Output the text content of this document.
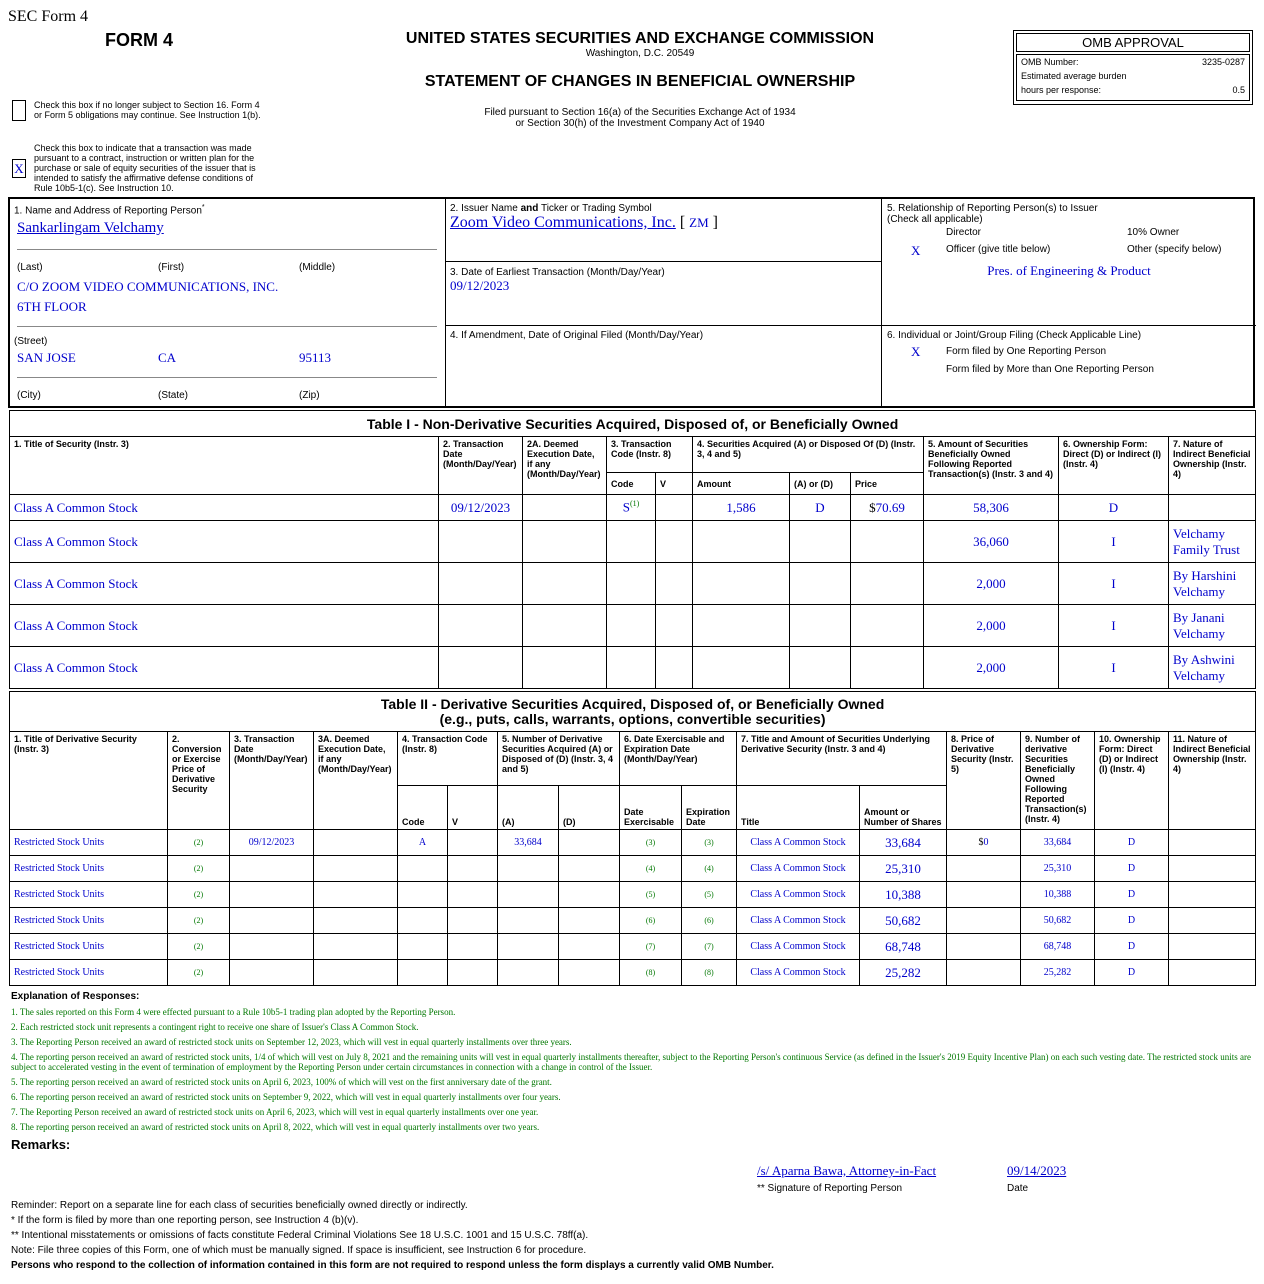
SEC Form 4
FORM 4	UNITED STATES SECURITIES AND EXCHANGE COMMISSION
Washington, D.C. 20549
STATEMENT OF CHANGES IN BENEFICIAL OWNERSHIP
Filed pursuant to Section 16(a) of the Securities Exchange Act of 1934
or Section 30(h) of the Investment Company Act of 1940
OMB APPROVAL
OMB Number:	3235-0287
Estimated average burden
hours per response:	0.5
Check this box if no longer subject to Section 16. Form 4 or Form 5 obligations may continue. See Instruction 1(b).
X
Check this box to indicate that a transaction was made pursuant to a contract, instruction or written plan for the purchase or sale of equity securities of the issuer that is intended to satisfy the affirmative defense conditions of Rule 10b5-1(c). See Instruction 10.
1. Name and Address of Reporting Person*
Sankarlingam Velchamy
(Last)	(First)	(Middle)
C/O ZOOM VIDEO COMMUNICATIONS, INC.
6TH FLOOR
(Street)
SAN JOSE	CA	95113
(City)	(State)	(Zip)
2. Issuer Name and Ticker or Trading Symbol
Zoom Video Communications, Inc. [ ZM ]
3. Date of Earliest Transaction (Month/Day/Year)
09/12/2023
4. If Amendment, Date of Original Filed (Month/Day/Year)
5. Relationship of Reporting Person(s) to Issuer
(Check all applicable)
Director	10% Owner
X	Officer (give title below)	Other (specify below)
Pres. of Engineering & Product
6. Individual or Joint/Group Filing (Check Applicable Line)
X	Form filed by One Reporting Person
Form filed by More than One Reporting Person
Table I - Non-Derivative Securities Acquired, Disposed of, or Beneficially Owned										
1. Title of Security (Instr. 3)	2. Transaction Date (Month/Day/Year)	2A. Deemed Execution Date, if any (Month/Day/Year)	3. Transaction Code (Instr. 8)		4. Securities Acquired (A) or Disposed Of (D) (Instr. 3, 4 and 5)			5. Amount of Securities Beneficially Owned Following Reported Transaction(s) (Instr. 3 and 4)	6. Ownership Form: Direct (D) or Indirect (I) (Instr. 4)	7. Nature of Indirect Beneficial Ownership (Instr. 4)
			Code	V	Amount	(A) or (D)	Price			
Class A Common Stock	09/12/2023		S$^{(1)}$		1,586	D	$70.69	58,306	D	
Class A Common Stock								36,060	I	Velchamy Family Trust
Class A Common Stock								2,000	I	By Harshini Velchamy
Class A Common Stock								2,000	I	By Janani Velchamy
Class A Common Stock								2,000	I	By Ashwini Velchamy
Table II - Derivative Securities Acquired, Disposed of, or Beneficially Owned
(e.g., puts, calls, warrants, options, convertible securities)															

1. Title of Derivative Security (Instr. 3)	2. Conversion or Exercise Price of Derivative Security	3. Transaction Date (Month/Day/Year)	3A. Deemed Execution Date, if any (Month/Day/Year)	4. Transaction Code (Instr. 8)		5. Number of Derivative Securities Acquired (A) or Disposed of (D) (Instr. 3, 4 and 5)		6. Date Exercisable and Expiration Date (Month/Day/Year)		7. Title and Amount of Securities Underlying Derivative Security (Instr. 3 and 4)		8. Price of Derivative Security (Instr. 5)	9. Number of derivative Securities Beneficially Owned Following Reported Transaction(s) (Instr. 4)	10. Ownership Form: Direct (D) or Indirect (I) (Instr. 4)	11. Nature of Indirect Beneficial Ownership (Instr. 4)
				Code	V	(A)	(D)	Date Exercisable	Expiration Date	Title	Amount or Number of Shares				
Restricted Stock Units	(2)	09/12/2023		A		33,684		(3)	(3)	Class A Common Stock	33,684	$0	33,684	D	
Restricted Stock Units	(2)							(4)	(4)	Class A Common Stock	25,310		25,310	D	
Restricted Stock Units	(2)							(5)	(5)	Class A Common Stock	10,388		10,388	D	
Restricted Stock Units	(2)							(6)	(6)	Class A Common Stock	50,682		50,682	D	
Restricted Stock Units	(2)							(7)	(7)	Class A Common Stock	68,748		68,748	D	
Restricted Stock Units	(2)							(8)	(8)	Class A Common Stock	25,282		25,282	D	
Explanation of Responses:
1. The sales reported on this Form 4 were effected pursuant to a Rule 10b5-1 trading plan adopted by the Reporting Person.
2. Each restricted stock unit represents a contingent right to receive one share of Issuer's Class A Common Stock.
3. The Reporting Person received an award of restricted stock units on September 12, 2023, which will vest in equal quarterly installments over three years.
4. The reporting person received an award of restricted stock units, 1/4 of which will vest on July 8, 2021 and the remaining units will vest in equal quarterly installments thereafter, subject to the Reporting Person's continuous Service (as defined in the Issuer's 2019 Equity Incentive Plan) on each such vesting date. The restricted stock units are subject to accelerated vesting in the event of termination of employment by the Reporting Person under certain circumstances in connection with a change in control of the Issuer.
5. The reporting person received an award of restricted stock units on April 6, 2023, 100% of which will vest on the first anniversary date of the grant.
6. The reporting person received an award of restricted stock units on September 9, 2022, which will vest in equal quarterly installments over four years.
7. The Reporting Person received an award of restricted stock units on April 6, 2023, which will vest in equal quarterly installments over one year.
8. The reporting person received an award of restricted stock units on April 8, 2022, which will vest in equal quarterly installments over two years.
Remarks:
/s/ Aparna Bawa, Attorney-in-Fact	09/14/2023
** Signature of Reporting Person	Date
Reminder: Report on a separate line for each class of securities beneficially owned directly or indirectly.
* If the form is filed by more than one reporting person, see Instruction 4 (b)(v).
** Intentional misstatements or omissions of facts constitute Federal Criminal Violations See 18 U.S.C. 1001 and 15 U.S.C. 78ff(a).
Note: File three copies of this Form, one of which must be manually signed. If space is insufficient, see Instruction 6 for procedure.
Persons who respond to the collection of information contained in this form are not required to respond unless the form displays a currently valid OMB Number.
